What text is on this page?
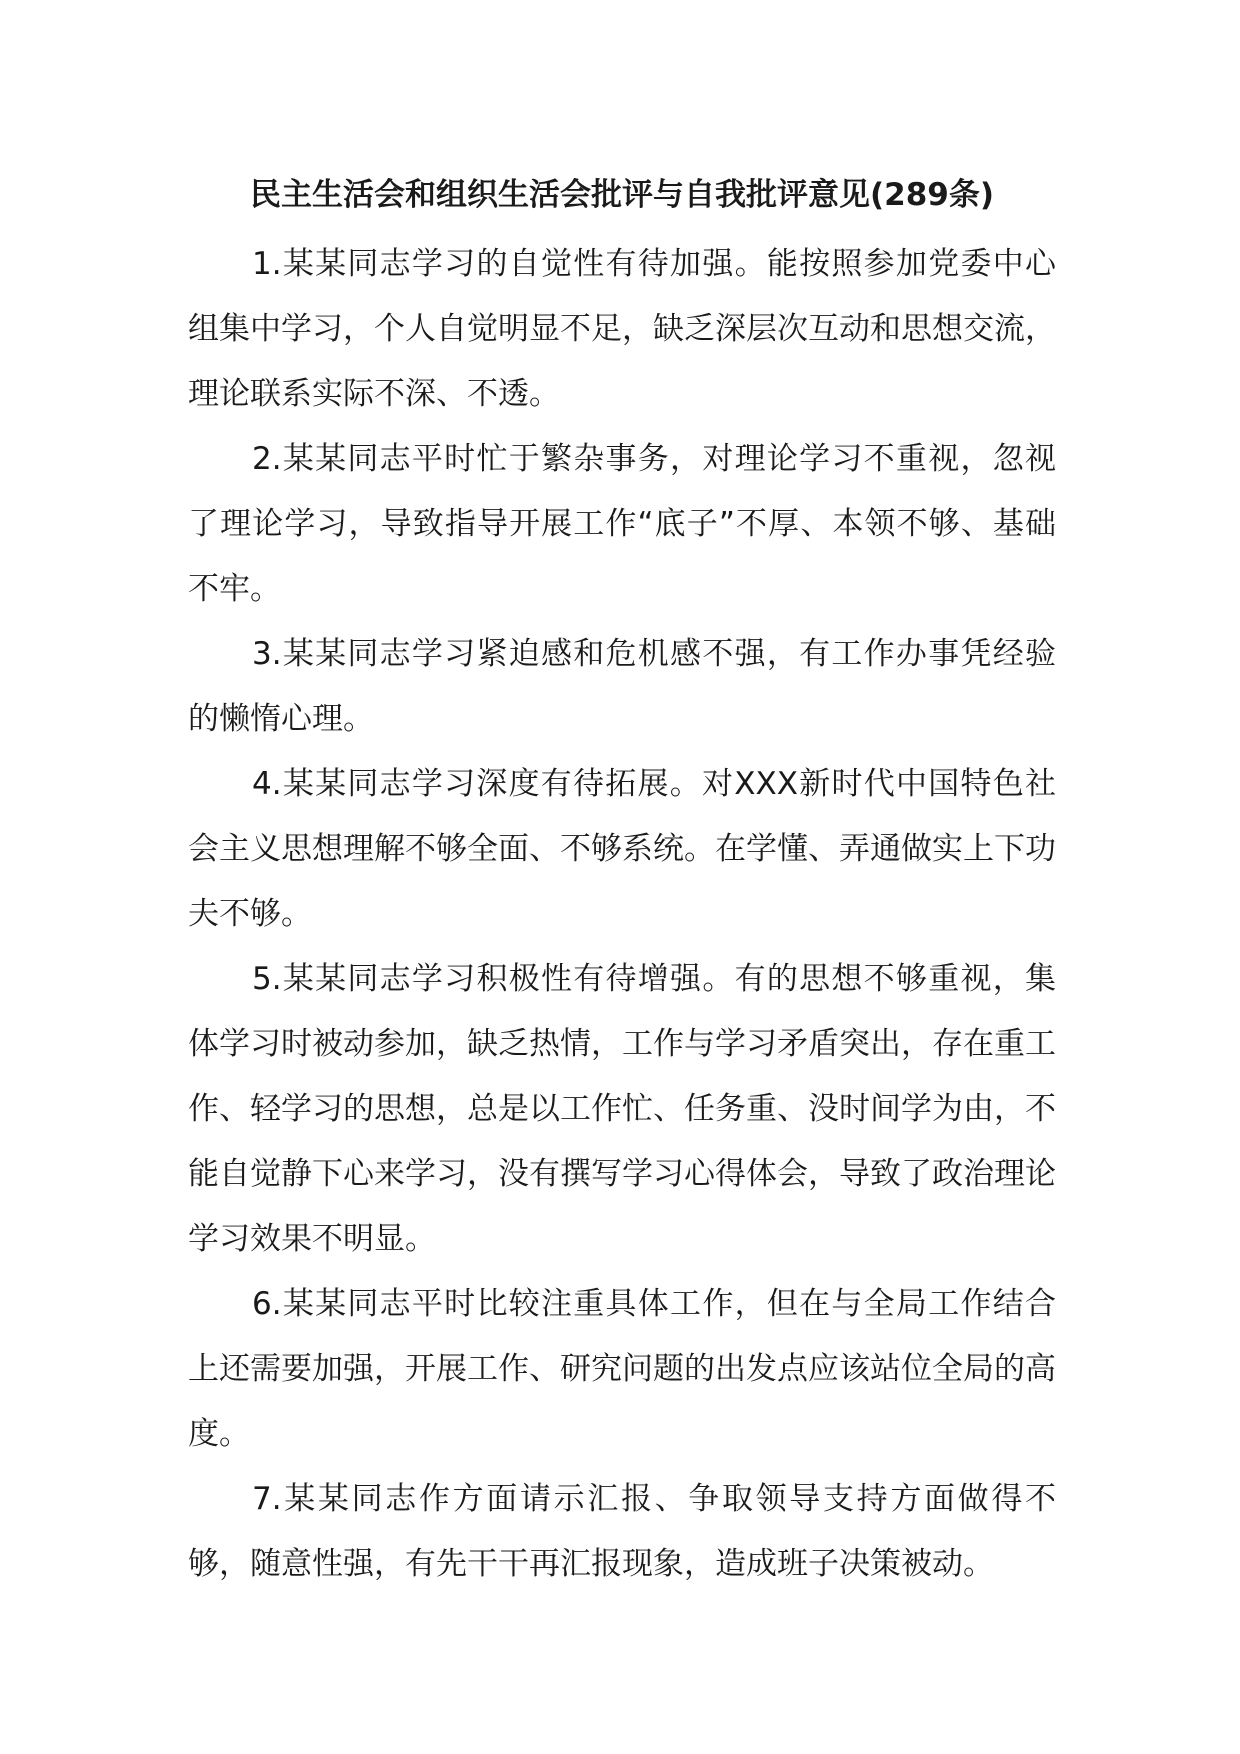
民主生活会和组织生活会批评与自我批评意见(289条)

1.某某同志学习的自觉性有待加强。能按照参加党委中心组集中学习，个人自觉明显不足，缺乏深层次互动和思想交流，理论联系实际不深、不透。

2.某某同志平时忙于繁杂事务，对理论学习不重视，忽视了理论学习，导致指导开展工作“底子”不厚、本领不够、基础不牢。

3.某某同志学习紧迫感和危机感不强，有工作办事凭经验的懒惰心理。

4.某某同志学习深度有待拓展。对XXX新时代中国特色社会主义思想理解不够全面、不够系统。在学懂、弄通做实上下功夫不够。

5.某某同志学习积极性有待增强。有的思想不够重视，集体学习时被动参加，缺乏热情，工作与学习矛盾突出，存在重工作、轻学习的思想，总是以工作忙、任务重、没时间学为由，不能自觉静下心来学习，没有撰写学习心得体会，导致了政治理论学习效果不明显。

6.某某同志平时比较注重具体工作，但在与全局工作结合上还需要加强，开展工作、研究问题的出发点应该站位全局的高度。

7.某某同志作方面请示汇报、争取领导支持方面做得不够，随意性强，有先干干再汇报现象，造成班子决策被动。
